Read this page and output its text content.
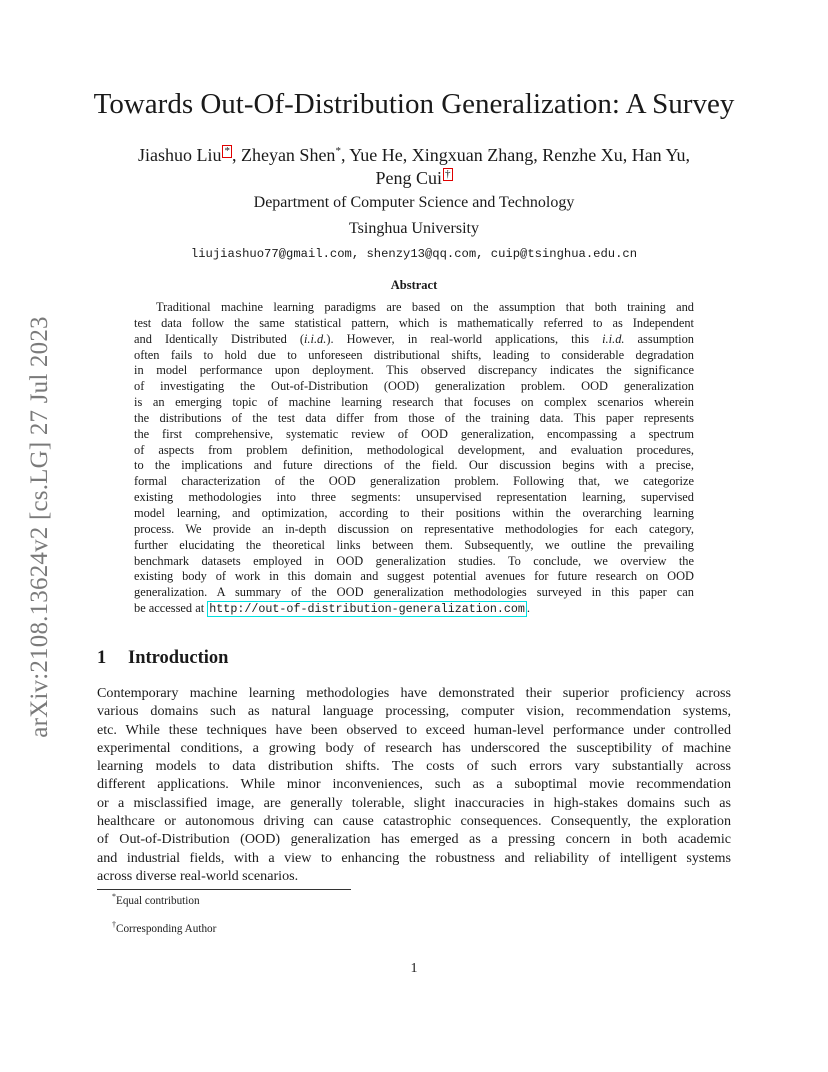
arXiv:2108.13624v2 [cs.LG] 27 Jul 2023
Towards Out-Of-Distribution Generalization: A Survey
Jiashuo Liu * , Zheyan Shen*, Yue He, Xingxuan Zhang, Renzhe Xu, Han Yu,
Peng Cui †
Department of Computer Science and Technology
Tsinghua University
liujiashuo77@gmail.com, shenzy13@qq.com, cuip@tsinghua.edu.cn
Abstract
Traditional machine learning paradigms are based on the assumption that both training and
test data follow the same statistical pattern, which is mathematically referred to as Independent
and Identically Distributed (i.i.d.). However, in real-world applications, this i.i.d. assumption
often fails to hold due to unforeseen distributional shifts, leading to considerable degradation
in model performance upon deployment. This observed discrepancy indicates the significance
of investigating the Out-of-Distribution (OOD) generalization problem. OOD generalization
is an emerging topic of machine learning research that focuses on complex scenarios wherein
the distributions of the test data differ from those of the training data. This paper represents
the first comprehensive, systematic review of OOD generalization, encompassing a spectrum
of aspects from problem definition, methodological development, and evaluation procedures,
to the implications and future directions of the field. Our discussion begins with a precise,
formal characterization of the OOD generalization problem. Following that, we categorize
existing methodologies into three segments: unsupervised representation learning, supervised
model learning, and optimization, according to their positions within the overarching learning
process. We provide an in-depth discussion on representative methodologies for each category,
further elucidating the theoretical links between them. Subsequently, we outline the prevailing
benchmark datasets employed in OOD generalization studies. To conclude, we overview the
existing body of work in this domain and suggest potential avenues for future research on OOD
generalization. A summary of the OOD generalization methodologies surveyed in this paper can
be accessed at http://out-of-distribution-generalization.com .
1 Introduction
Contemporary machine learning methodologies have demonstrated their superior proficiency across
various domains such as natural language processing, computer vision, recommendation systems,
etc. While these techniques have been observed to exceed human-level performance under controlled
experimental conditions, a growing body of research has underscored the susceptibility of machine
learning models to data distribution shifts. The costs of such errors vary substantially across
different applications. While minor inconveniences, such as a suboptimal movie recommendation
or a misclassified image, are generally tolerable, slight inaccuracies in high-stakes domains such as
healthcare or autonomous driving can cause catastrophic consequences. Consequently, the exploration
of Out-of-Distribution (OOD) generalization has emerged as a pressing concern in both academic
and industrial fields, with a view to enhancing the robustness and reliability of intelligent systems
across diverse real-world scenarios.
*Equal contribution
†Corresponding Author
1
